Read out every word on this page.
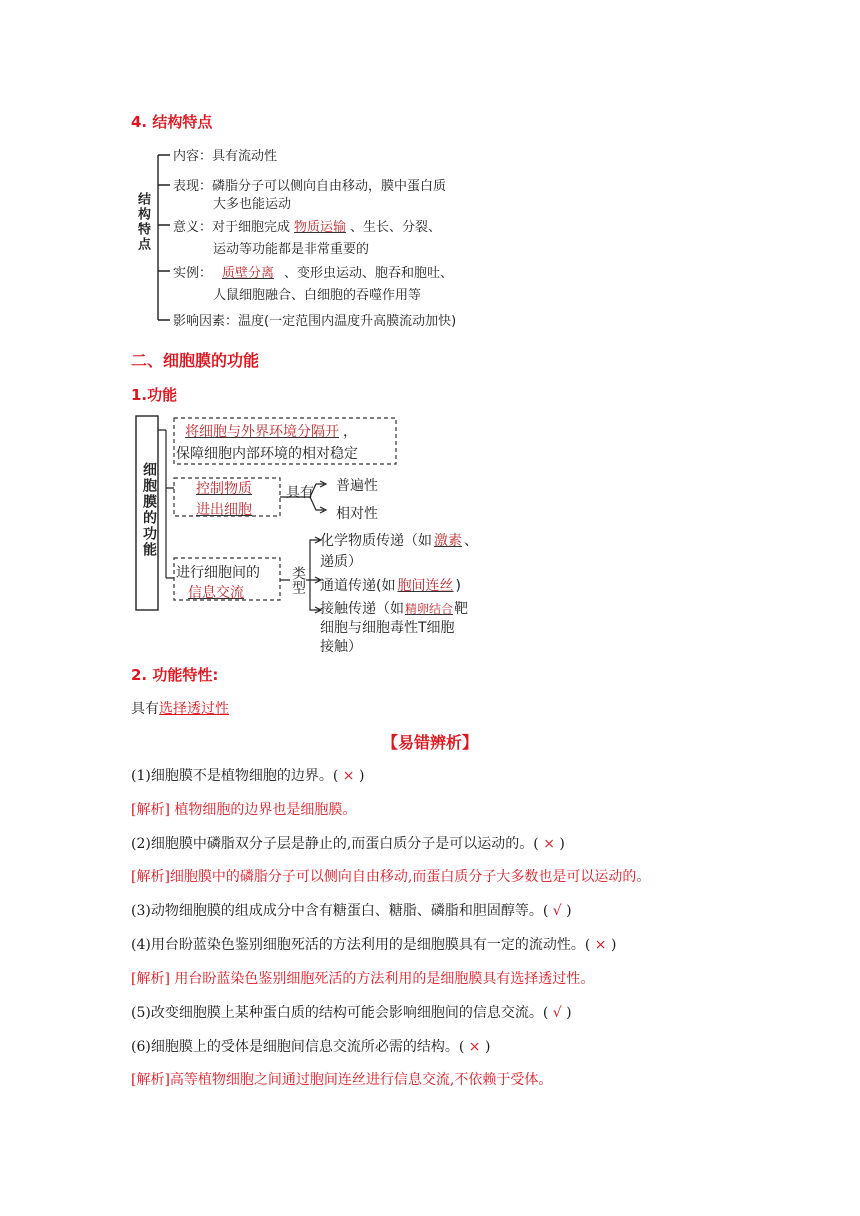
4. 结构特点
结构特点
内容：具有流动性
表现：磷脂分子可以侧向自由移动，膜中蛋白质
大多也能运动
意义：对于细胞完成 物质运输 、生长、分裂、
运动等功能都是非常重要的
实例： 质壁分离 、变形虫运动、胞吞和胞吐、
人鼠细胞融合、白细胞的吞噬作用等
影响因素：温度(一定范围内温度升高膜流动加快)
二、细胞膜的功能
1.功能
细胞膜的功能
将细胞与外界环境分隔开 ，
保障细胞内部环境的相对稳定
控制物质
进出细胞
具有 普遍性
相对性
进行细胞间的
信息交流	类型
化学物质传递（如 激素 、
递质）
通道传递(如 胞间连丝 )
接触传递（如精卵结合靶
细胞与细胞毒性T细胞
接触）
2. 功能特性:
具有选择透过性
【易错辨析】
(1)细胞膜不是植物细胞的边界。( × )
[解析] 植物细胞的边界也是细胞膜。
(2)细胞膜中磷脂双分子层是静止的,而蛋白质分子是可以运动的。( × )
[解析]细胞膜中的磷脂分子可以侧向自由移动,而蛋白质分子大多数也是可以运动的。
(3)动物细胞膜的组成成分中含有糖蛋白、糖脂、磷脂和胆固醇等。( √ )
(4)用台盼蓝染色鉴别细胞死活的方法利用的是细胞膜具有一定的流动性。( × )
[解析] 用台盼蓝染色鉴别细胞死活的方法利用的是细胞膜具有选择透过性。
(5)改变细胞膜上某种蛋白质的结构可能会影响细胞间的信息交流。( √ )
(6)细胞膜上的受体是细胞间信息交流所必需的结构。( × )
[解析]高等植物细胞之间通过胞间连丝进行信息交流,不依赖于受体。
